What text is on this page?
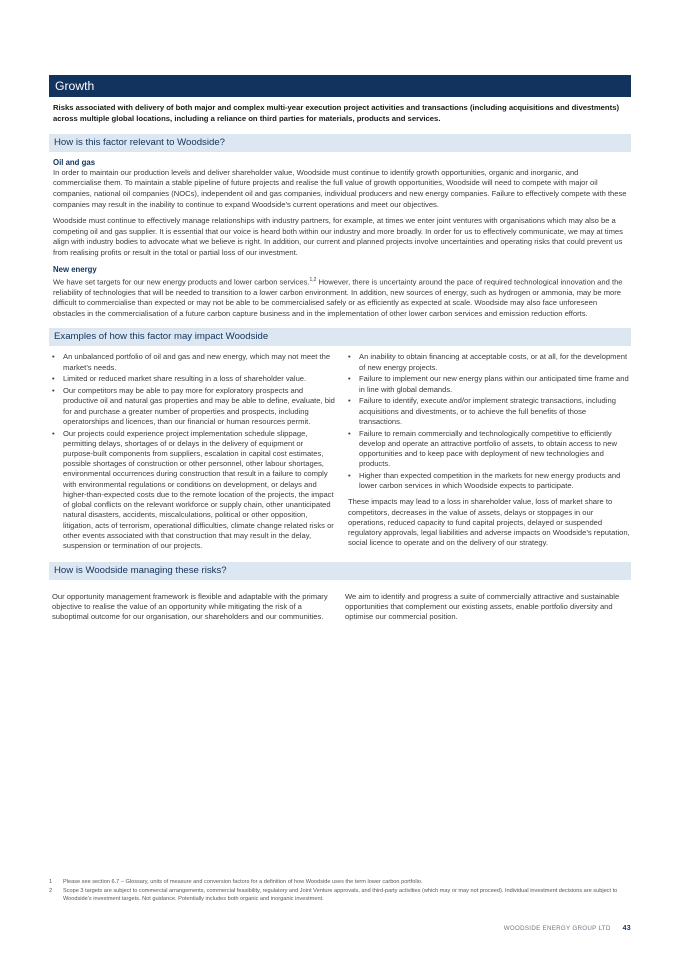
Growth
Risks associated with delivery of both major and complex multi-year execution project activities and transactions (including acquisitions and divestments) across multiple global locations, including a reliance on third parties for materials, products and services.
How is this factor relevant to Woodside?
Oil and gas

In order to maintain our production levels and deliver shareholder value, Woodside must continue to identify growth opportunities, organic and inorganic, and commercialise them. To maintain a stable pipeline of future projects and realise the full value of growth opportunities, Woodside will need to compete with major oil companies, national oil companies (NOCs), independent oil and gas companies, individual producers and new energy companies. Failure to effectively compete with these companies may result in the inability to continue to expand Woodside’s current operations and meet our objectives.

Woodside must continue to effectively manage relationships with industry partners, for example, at times we enter joint ventures with organisations which may also be a competing oil and gas supplier. It is essential that our voice is heard both within our industry and more broadly. In order for us to effectively communicate, we may at times align with industry bodies to advocate what we believe is right. In addition, our current and planned projects involve uncertainties and operating risks that could prevent us from realising profits or result in the total or partial loss of our investment.

New energy

We have set targets for our new energy products and lower carbon services.$^{1,2}$ However, there is uncertainty around the pace of required technological innovation and the reliability of technologies that will be needed to transition to a lower carbon environment. In addition, new sources of energy, such as hydrogen or ammonia, may be more difficult to commercialise than expected or may not be able to be commercialised safely or as efficiently as expected at scale. Woodside may also face unforeseen obstacles in the commercialisation of a future carbon capture business and in the implementation of other lower carbon services and emission reduction efforts.

Examples of how this factor may impact Woodside
• An unbalanced portfolio of oil and gas and new energy, which may not meet the market’s needs.
• Limited or reduced market share resulting in a loss of shareholder value.
• Our competitors may be able to pay more for exploratory prospects and productive oil and natural gas properties and may be able to define, evaluate, bid for and purchase a greater number of properties and prospects, including operatorships and licences, than our financial or human resources permit.
• Our projects could experience project implementation schedule slippage, permitting delays, shortages of or delays in the delivery of equipment or purpose-built components from suppliers, escalation in capital cost estimates, possible shortages of construction or other personnel, other labour shortages, environmental occurrences during construction that result in a failure to comply with environmental regulations or conditions on development, or delays and higher-than-expected costs due to the remote location of the projects, the impact of global conflicts on the relevant workforce or supply chain, other unanticipated natural disasters, accidents, miscalculations, political or other opposition, litigation, acts of terrorism, operational difficulties, climate change related risks or other events associated with that construction that may result in the delay, suspension or termination of our projects.
• An inability to obtain financing at acceptable costs, or at all, for the development of new energy projects.
• Failure to implement our new energy plans within our anticipated time frame and in line with global demands.
• Failure to identify, execute and/or implement strategic transactions, including acquisitions and divestments, or to achieve the full benefits of those transactions.
• Failure to remain commercially and technologically competitive to efficiently develop and operate an attractive portfolio of assets, to obtain access to new opportunities and to keep pace with deployment of new technologies and products.
• Higher than expected competition in the markets for new energy products and lower carbon services in which Woodside expects to participate.
These impacts may lead to a loss in shareholder value, loss of market share to competitors, decreases in the value of assets, delays or stoppages in our operations, reduced capacity to fund capital projects, delayed or suspended regulatory approvals, legal liabilities and adverse impacts on Woodside’s reputation, social licence to operate and on the delivery of our strategy.
How is Woodside managing these risks?
Our opportunity management framework is flexible and adaptable with the primary objective to realise the value of an opportunity while mitigating the risk of a suboptimal outcome for our organisation, our shareholders and our communities.
We aim to identify and progress a suite of commercially attractive and sustainable opportunities that complement our existing assets, enable portfolio diversity and optimise our commercial position.
1	Please see section 6.7 – Glossary, units of measure and conversion factors for a definition of how Woodside uses the term lower carbon portfolio.
2	Scope 3 targets are subject to commercial arrangements, commercial feasibility, regulatory and Joint Venture approvals, and third-party activities (which may or may not proceed). Individual investment decisions are subject to Woodside’s investment targets. Not guidance. Potentially includes both organic and inorganic investment.
WOODSIDE ENERGY GROUP LTD 43
